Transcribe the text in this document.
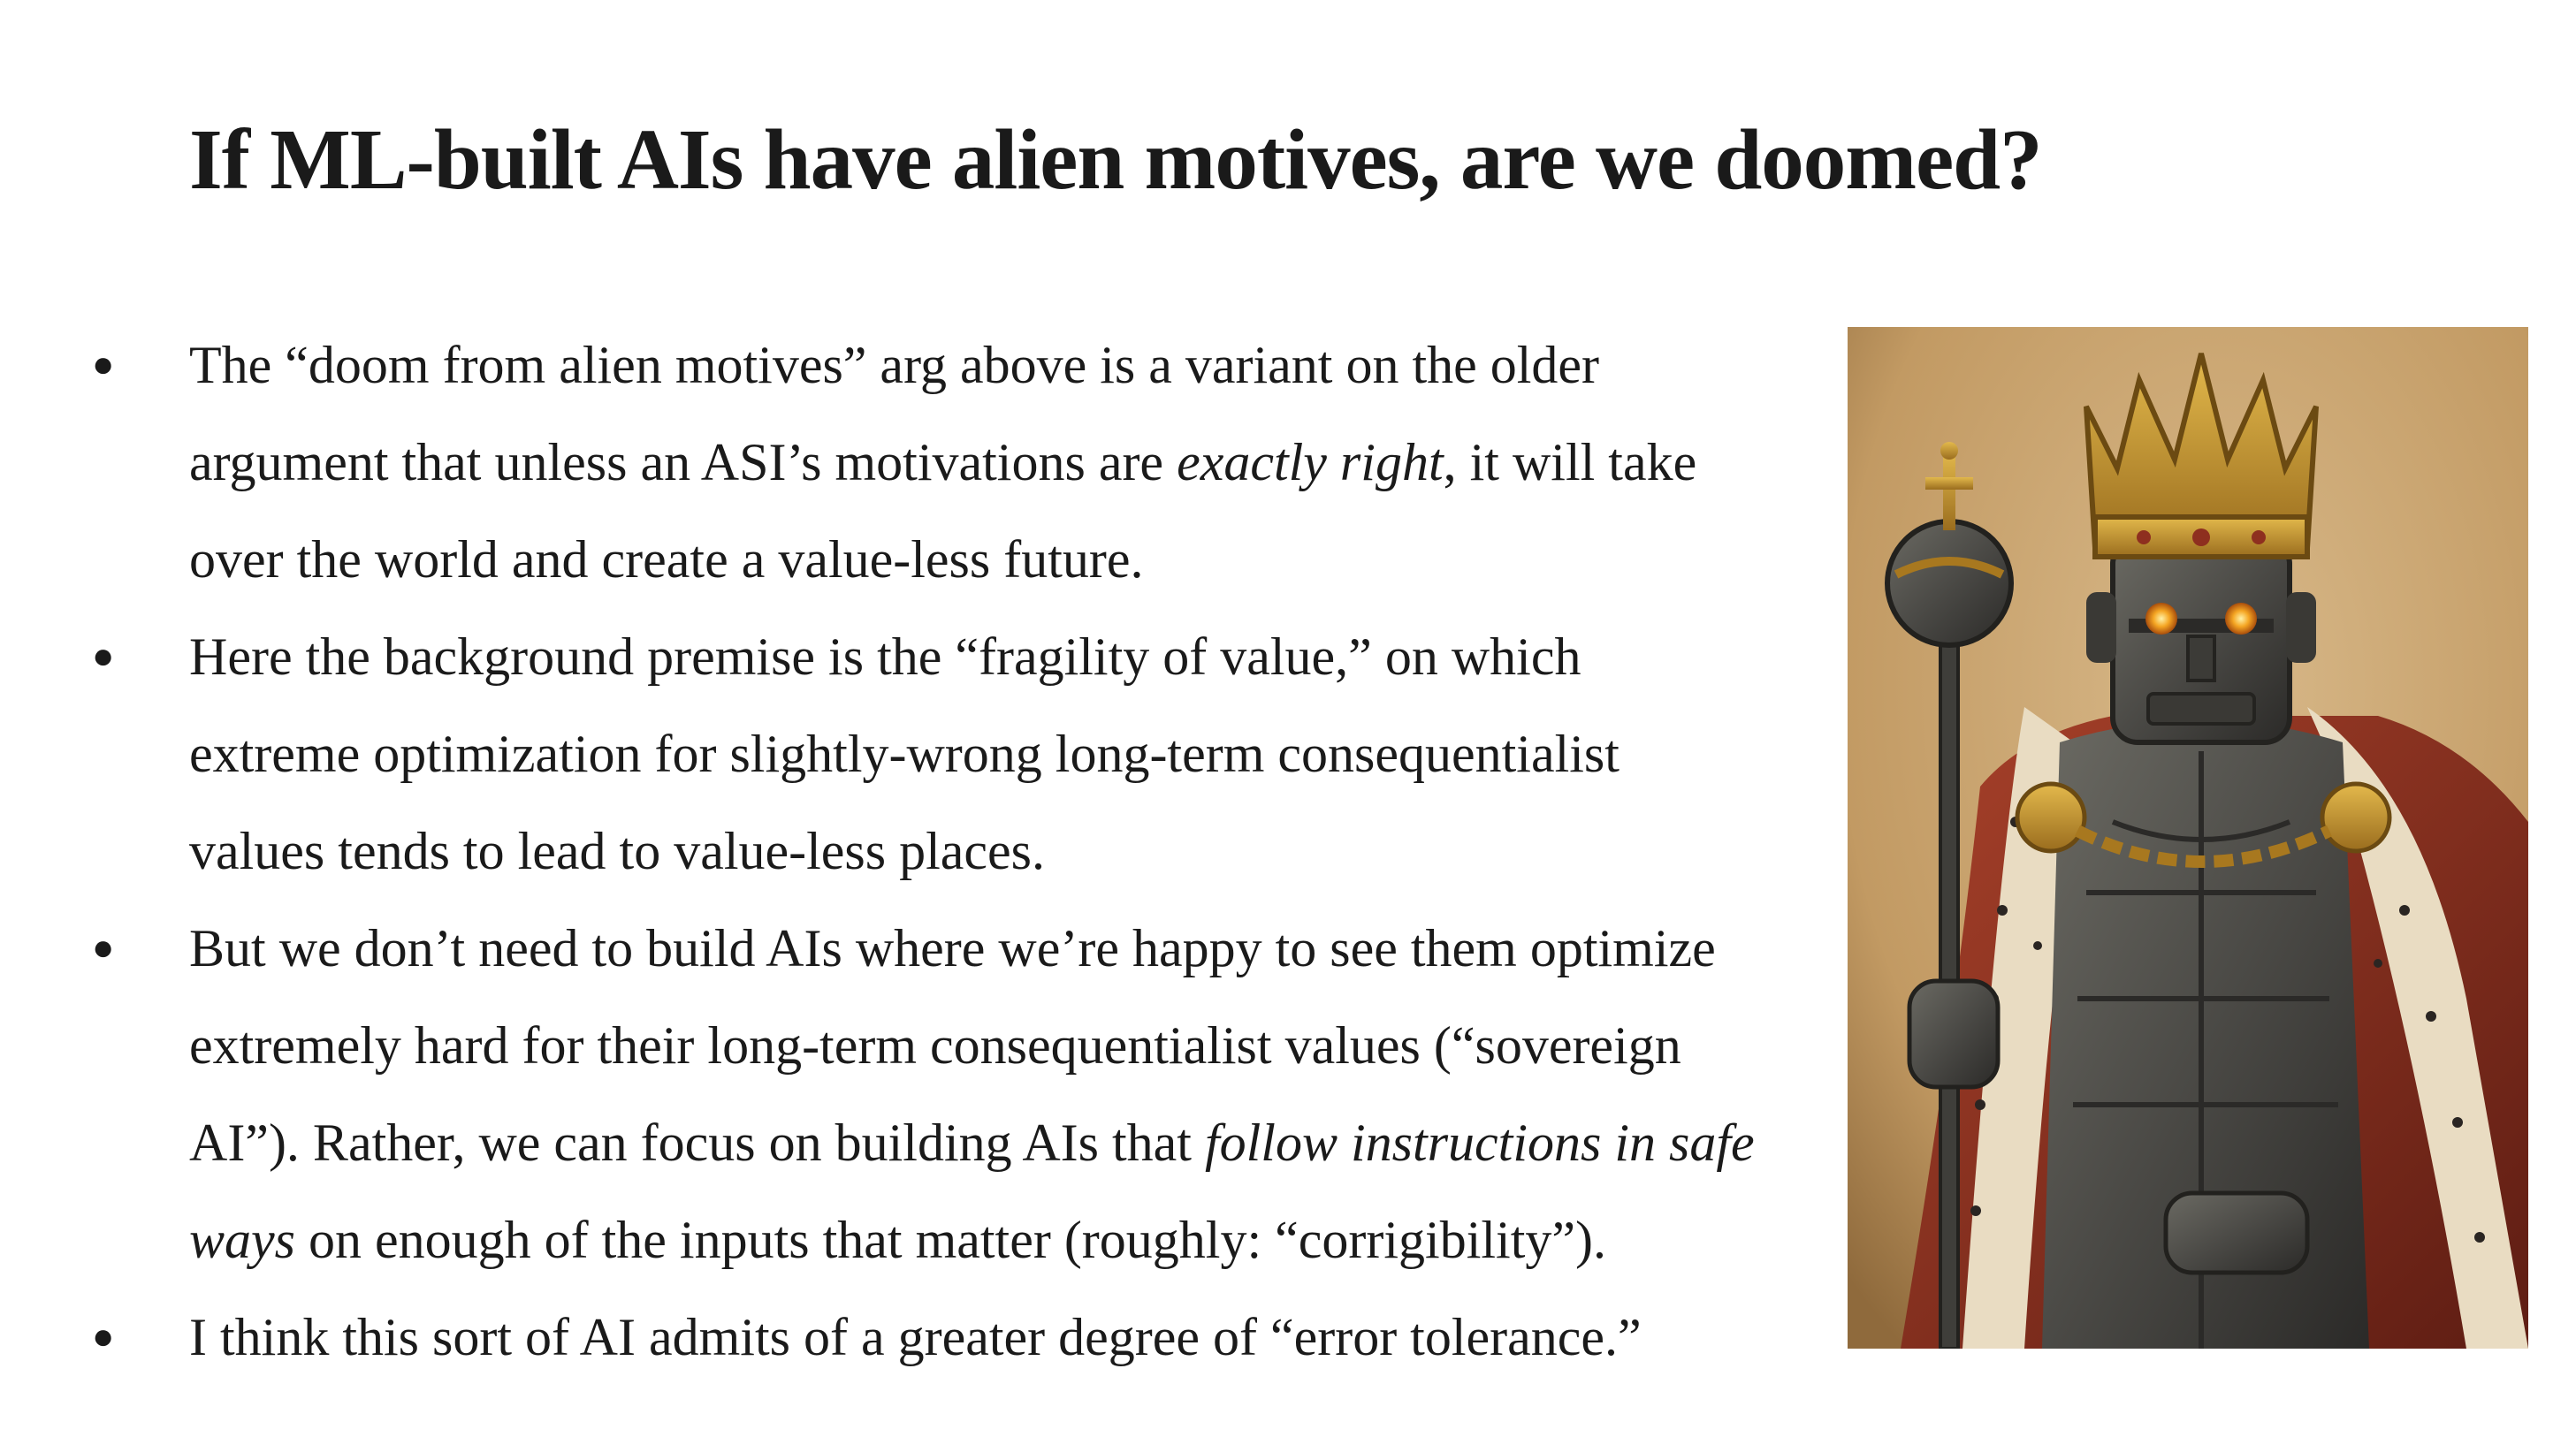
If ML-built AIs have alien motives, are we doomed?
● The “doom from alien motives” arg above is a variant on the older
argument that unless an ASI’s motivations are exactly right, it will take
over the world and create a value-less future.
● Here the background premise is the “fragility of value,” on which
extreme optimization for slightly-wrong long-term consequentialist
values tends to lead to value-less places.
● But we don’t need to build AIs where we’re happy to see them optimize
extremely hard for their long-term consequentialist values (“sovereign
AI”). Rather, we can focus on building AIs that follow instructions in safe
ways on enough of the inputs that matter (roughly: “corrigibility”).
● I think this sort of AI admits of a greater degree of “error tolerance.”
